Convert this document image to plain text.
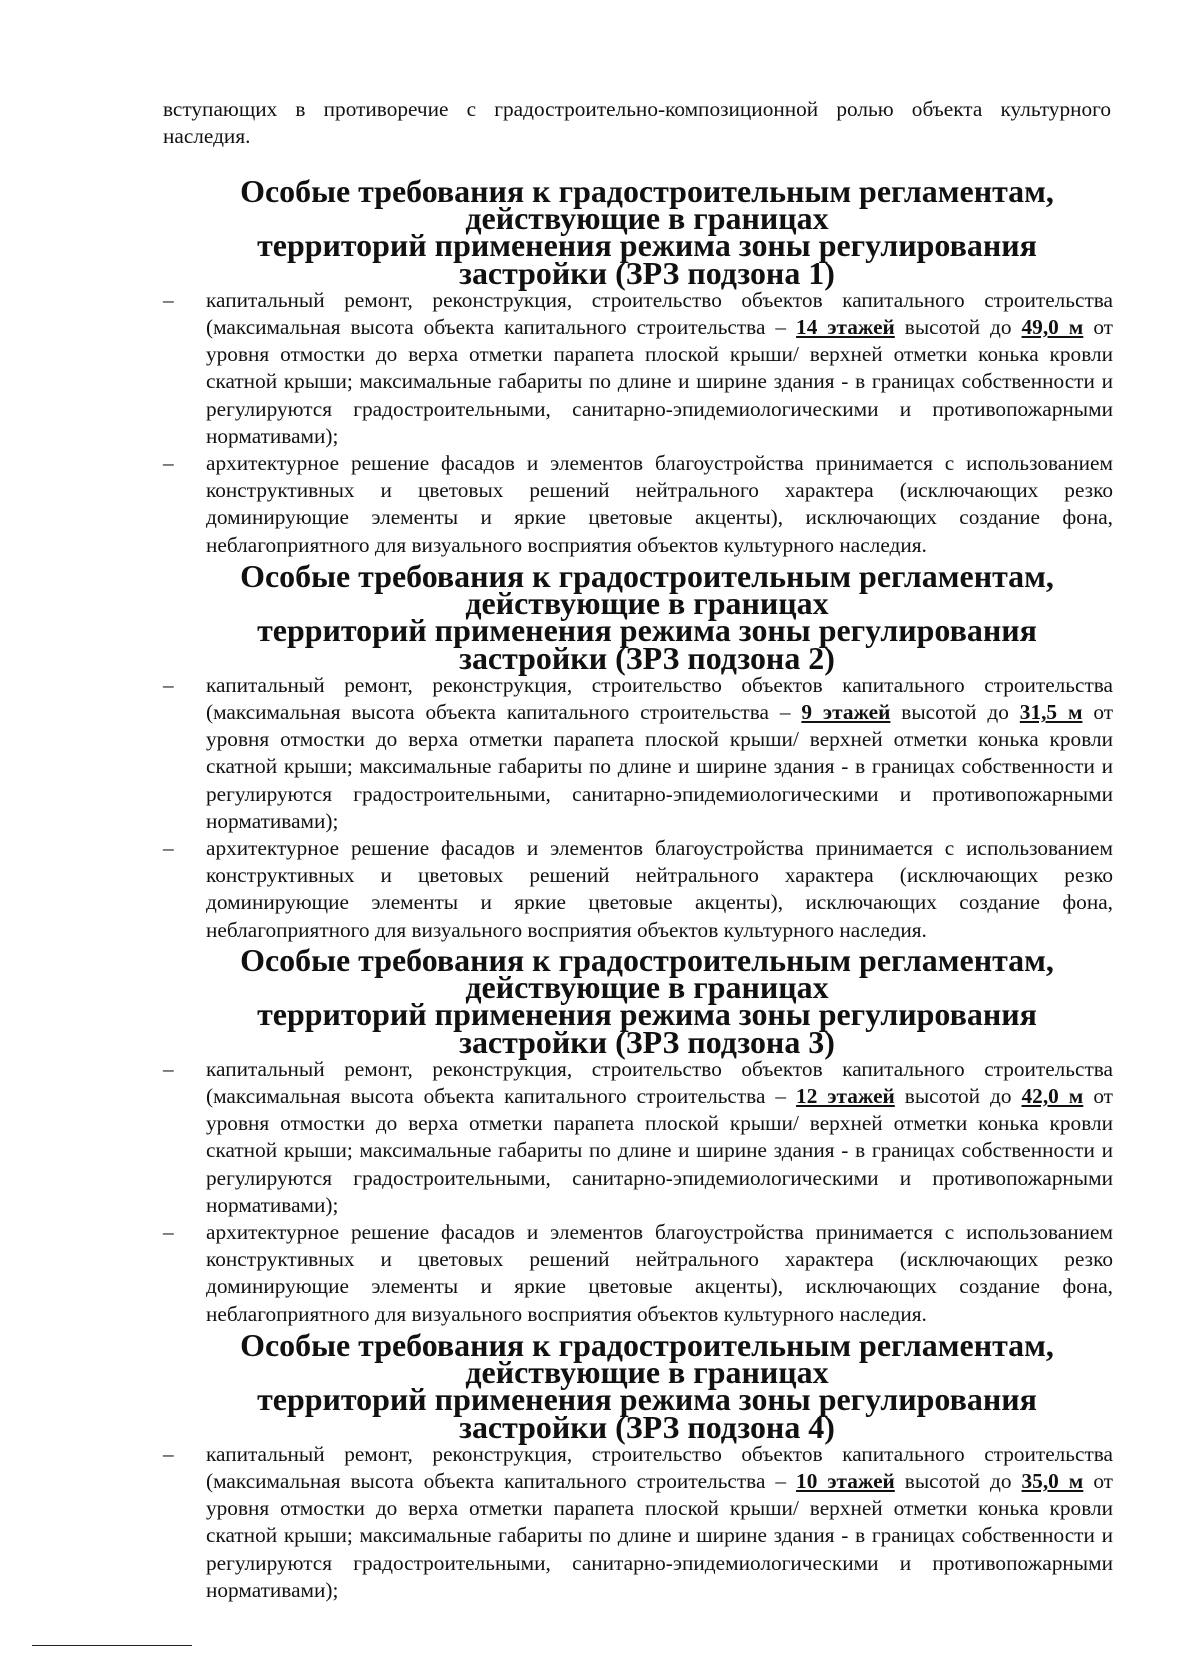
вступающих в противоречие с градостроительно-композиционной ролью объекта культурного наследия.

Особые требования к градостроительным регламентам, действующие в границах
территорий применения режима зоны регулирования застройки (ЗРЗ подзона 1)
– капитальный ремонт, реконструкция, строительство объектов капитального строительства (максимальная высота объекта капитального строительства – 14 этажей высотой до 49,0 м от уровня отмостки до верха отметки парапета плоской крыши/ верхней отметки конька кровли скатной крыши; максимальные габариты по длине и ширине здания - в границах собственности и регулируются градостроительными, санитарно-эпидемиологическими и противопожарными нормативами);
– архитектурное решение фасадов и элементов благоустройства принимается с использованием конструктивных и цветовых решений нейтрального характера (исключающих резко доминирующие элементы и яркие цветовые акценты), исключающих создание фона, неблагоприятного для визуального восприятия объектов культурного наследия.
Особые требования к градостроительным регламентам, действующие в границах
территорий применения режима зоны регулирования застройки (ЗРЗ подзона 2)
– капитальный ремонт, реконструкция, строительство объектов капитального строительства (максимальная высота объекта капитального строительства – 9 этажей высотой до 31,5 м от уровня отмостки до верха отметки парапета плоской крыши/ верхней отметки конька кровли скатной крыши; максимальные габариты по длине и ширине здания - в границах собственности и регулируются градостроительными, санитарно-эпидемиологическими и противопожарными нормативами);
– архитектурное решение фасадов и элементов благоустройства принимается с использованием конструктивных и цветовых решений нейтрального характера (исключающих резко доминирующие элементы и яркие цветовые акценты), исключающих создание фона, неблагоприятного для визуального восприятия объектов культурного наследия.
Особые требования к градостроительным регламентам, действующие в границах
территорий применения режима зоны регулирования застройки (ЗРЗ подзона 3)
– капитальный ремонт, реконструкция, строительство объектов капитального строительства (максимальная высота объекта капитального строительства – 12 этажей высотой до 42,0 м от уровня отмостки до верха отметки парапета плоской крыши/ верхней отметки конька кровли скатной крыши; максимальные габариты по длине и ширине здания - в границах собственности и регулируются градостроительными, санитарно-эпидемиологическими и противопожарными нормативами);
– архитектурное решение фасадов и элементов благоустройства принимается с использованием конструктивных и цветовых решений нейтрального характера (исключающих резко доминирующие элементы и яркие цветовые акценты), исключающих создание фона, неблагоприятного для визуального восприятия объектов культурного наследия.
Особые требования к градостроительным регламентам, действующие в границах
территорий применения режима зоны регулирования застройки (ЗРЗ подзона 4)
– капитальный ремонт, реконструкция, строительство объектов капитального строительства (максимальная высота объекта капитального строительства – 10 этажей высотой до 35,0 м от уровня отмостки до верха отметки парапета плоской крыши/ верхней отметки конька кровли скатной крыши; максимальные габариты по длине и ширине здания - в границах собственности и регулируются градостроительными, санитарно-эпидемиологическими и противопожарными нормативами);
